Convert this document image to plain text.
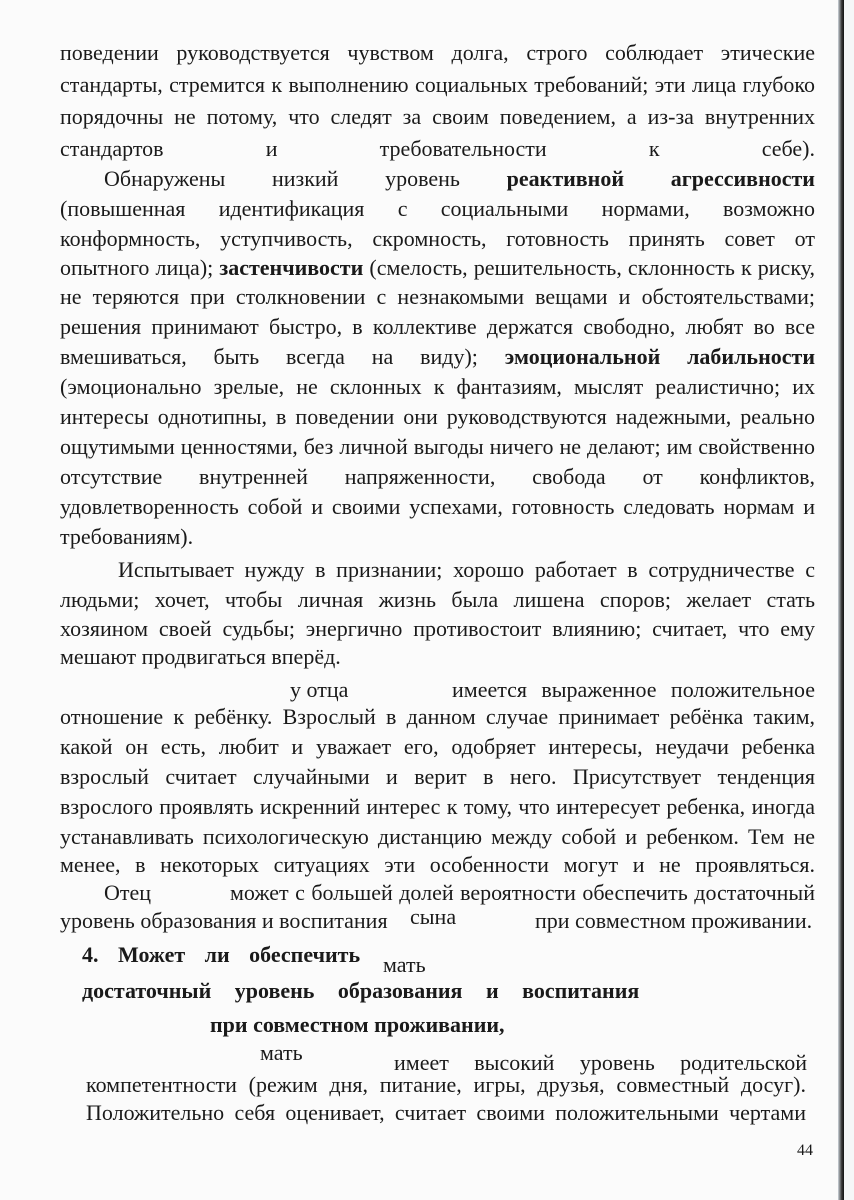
поведении руководствуется чувством долга, строго соблюдает этические
стандарты, стремится к выполнению социальных требований; эти лица глубоко
порядочны не потому, что следят за своим поведением, а из-за внутренних
стандартов и требовательности к себе).
Обнаружены низкий уровень реактивной агрессивности
(повышенная идентификация с социальными нормами, возможно
конформность, уступчивость, скромность, готовность принять совет от
опытного лица); застенчивости (смелость, решительность, склонность к риску,
не теряются при столкновении с незнакомыми вещами и обстоятельствами;
решения принимают быстро, в коллективе держатся свободно, любят во все
вмешиваться, быть всегда на виду); эмоциональной лабильности
(эмоционально зрелые, не склонных к фантазиям, мыслят реалистично; их
интересы однотипны, в поведении они руководствуются надежными, реально
ощутимыми ценностями, без личной выгоды ничего не делают; им свойственно
отсутствие внутренней напряженности, свобода от конфликтов,
удовлетворенность собой и своими успехами, готовность следовать нормам и
требованиям).
Испытывает нужду в признании; хорошо работает в сотрудничестве с
людьми; хочет, чтобы личная жизнь была лишена споров; желает стать
хозяином своей судьбы; энергично противостоит влиянию; считает, что ему
мешают продвигаться вперёд.
у отца	имеется выраженное положительное
отношение к ребёнку. Взрослый в данном случае принимает ребёнка таким,
какой он есть, любит и уважает его, одобряет интересы, неудачи ребенка
взрослый считает случайными и верит в него. Присутствует тенденция
взрослого проявлять искренний интерес к тому, что интересует ребенка, иногда
устанавливать психологическую дистанцию между собой и ребенком. Тем не
менее, в некоторых ситуациях эти особенности могут и не проявляться.
Отец	может с большей долей вероятности обеспечить достаточный
уровень образования и воспитания сына	при совместном проживании.
4. Может ли обеспечить мать
достаточный уровень образования и воспитания
при совместном проживании,
мать	имеет высокий уровень родительской
компетентности (режим дня, питание, игры, друзья, совместный досуг).
Положительно себя оценивает, считает своими положительными чертами
44
